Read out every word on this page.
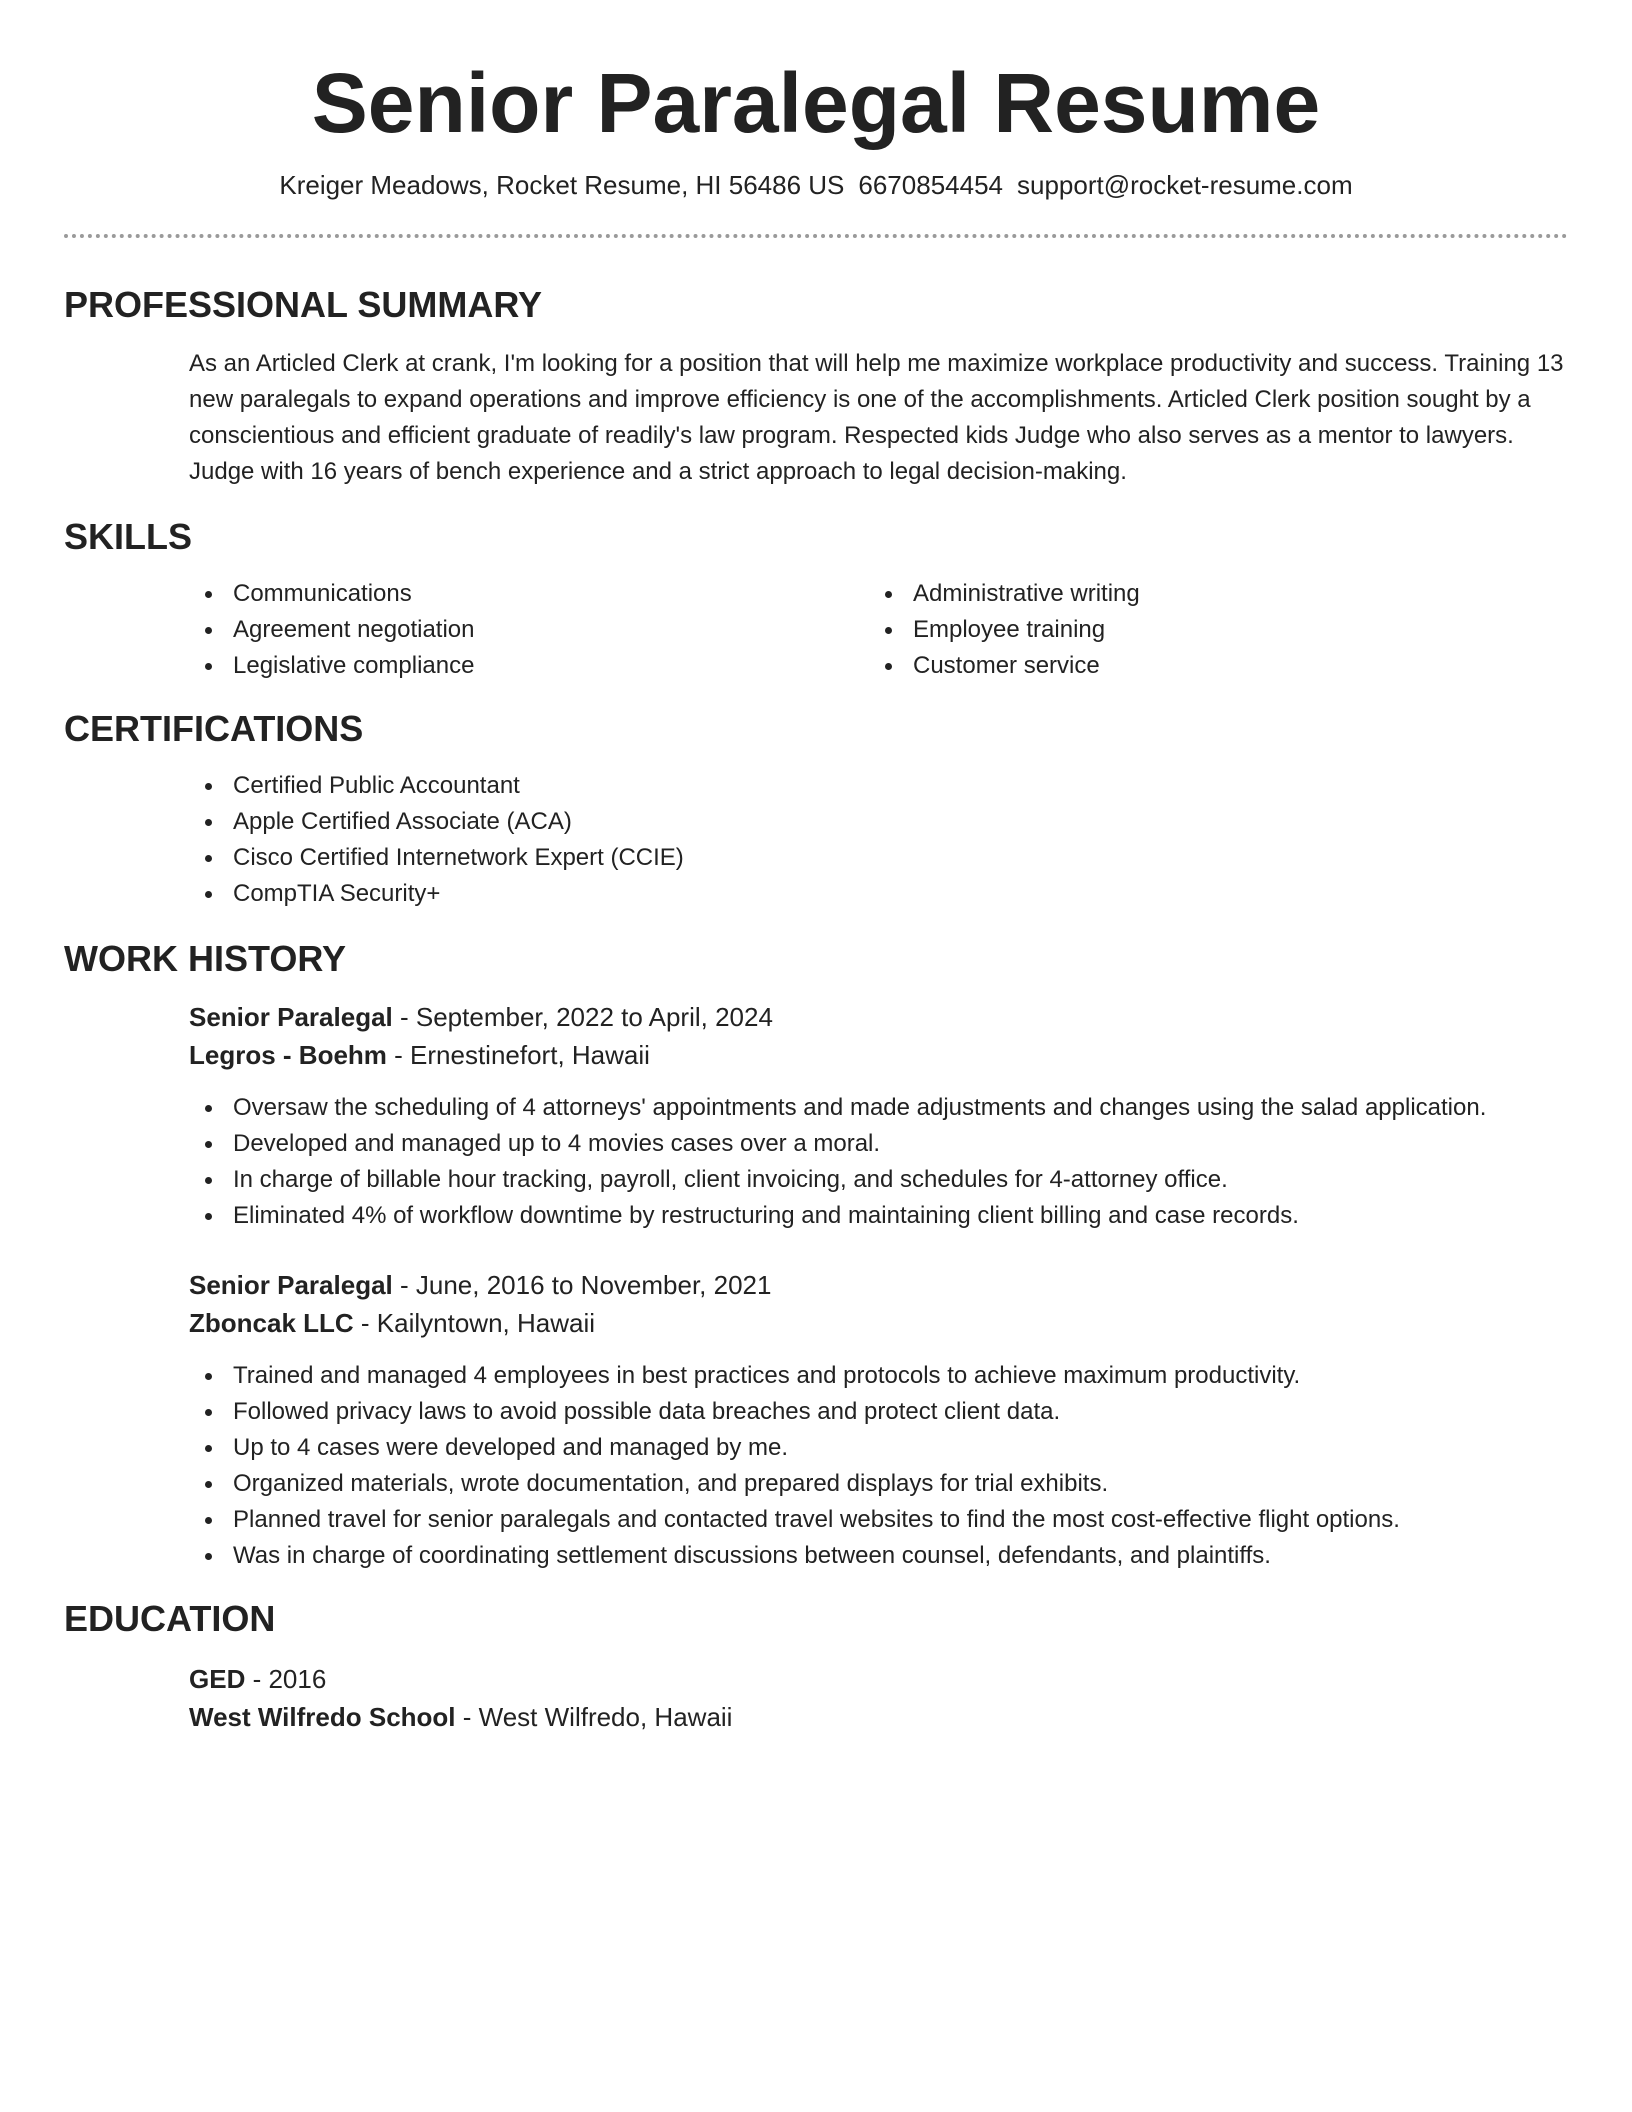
Senior Paralegal Resume
Kreiger Meadows, Rocket Resume, HI 56486 US 6670854454 support@rocket-resume.com
PROFESSIONAL SUMMARY
As an Articled Clerk at crank, I'm looking for a position that will help me maximize workplace productivity and success. Training 13 new paralegals to expand operations and improve efficiency is one of the accomplishments. Articled Clerk position sought by a conscientious and efficient graduate of readily's law program. Respected kids Judge who also serves as a mentor to lawyers. Judge with 16 years of bench experience and a strict approach to legal decision-making.
SKILLS
Communications
Agreement negotiation
Legislative compliance
Administrative writing
Employee training
Customer service
CERTIFICATIONS
Certified Public Accountant
Apple Certified Associate (ACA)
Cisco Certified Internetwork Expert (CCIE)
CompTIA Security+
WORK HISTORY
Senior Paralegal - September, 2022 to April, 2024
Legros - Boehm - Ernestinefort, Hawaii
Oversaw the scheduling of 4 attorneys' appointments and made adjustments and changes using the salad application.
Developed and managed up to 4 movies cases over a moral.
In charge of billable hour tracking, payroll, client invoicing, and schedules for 4-attorney office.
Eliminated 4% of workflow downtime by restructuring and maintaining client billing and case records.
Senior Paralegal - June, 2016 to November, 2021
Zboncak LLC - Kailyntown, Hawaii
Trained and managed 4 employees in best practices and protocols to achieve maximum productivity.
Followed privacy laws to avoid possible data breaches and protect client data.
Up to 4 cases were developed and managed by me.
Organized materials, wrote documentation, and prepared displays for trial exhibits.
Planned travel for senior paralegals and contacted travel websites to find the most cost-effective flight options.
Was in charge of coordinating settlement discussions between counsel, defendants, and plaintiffs.
EDUCATION
GED - 2016
West Wilfredo School - West Wilfredo, Hawaii
